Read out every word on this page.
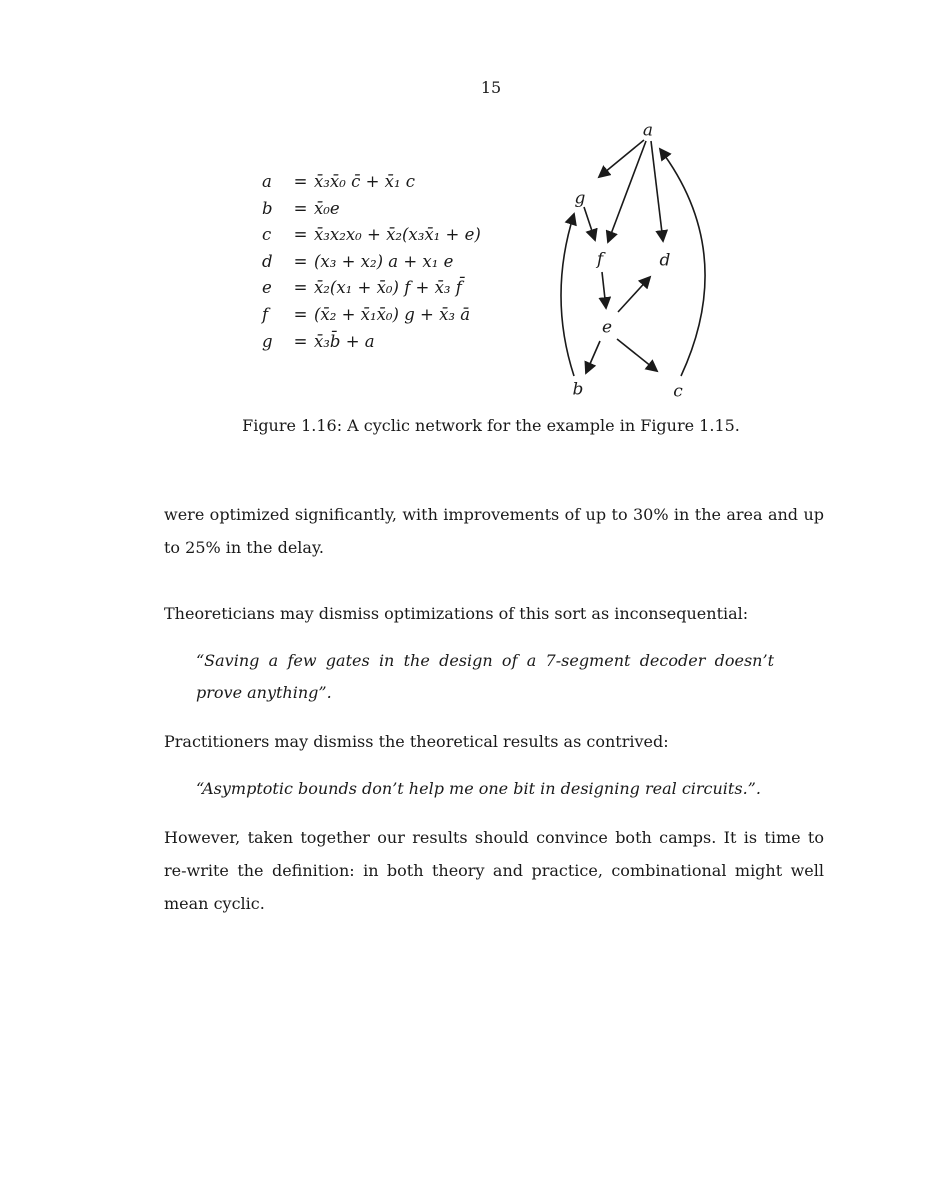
15
a	= x̄₃x̄₀ c̄ + x̄₁ c
b	= x̄₀e
c	= x̄₃x₂x₀ + x̄₂(x₃x̄₁ + e)
d	= (x₃ + x₂) a + x₁ e
e	= x̄₂(x₁ + x̄₀) f + x̄₃ f̄
f	= (x̄₂ + x̄₁x̄₀) g + x̄₃ ā
g	= x̄₃b̄ + a
a
g
f	d
e
b	c
Figure 1.16: A cyclic network for the example in Figure 1.15.

were optimized significantly, with improvements of up to 30% in the area and up to 25% in the delay.

Theoreticians may dismiss optimizations of this sort as inconsequential:

“Saving a few gates in the design of a 7-segment decoder doesn’t prove anything”.

Practitioners may dismiss the theoretical results as contrived:

“Asymptotic bounds don’t help me one bit in designing real circuits.”.

However, taken together our results should convince both camps. It is time to re-write the definition: in both theory and practice, combinational might well mean cyclic.
